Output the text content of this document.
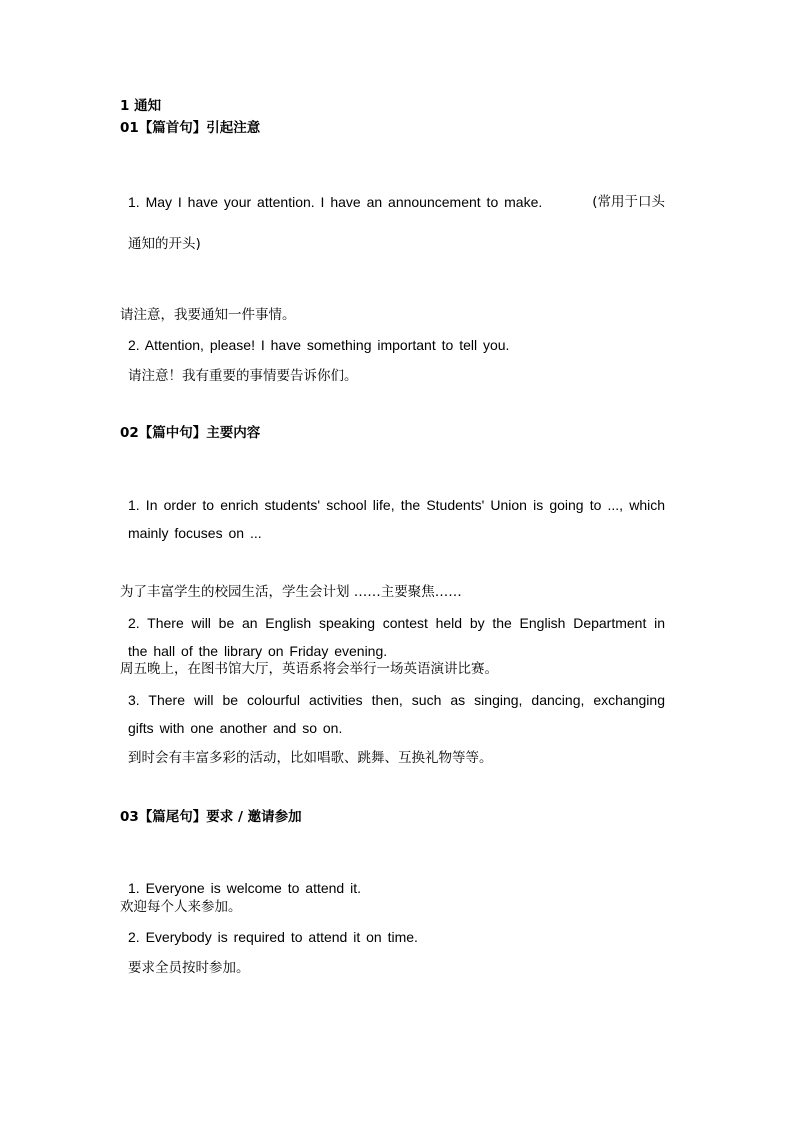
1 通知
01【篇首句】引起注意
1. May I have your attention. I have an announcement to make.	(常用于口头
通知的开头)
请注意，我要通知一件事情。
2. Attention, please! I have something important to tell you.
请注意！我有重要的事情要告诉你们。
02【篇中句】主要内容
1. In order to enrich students' school life, the Students' Union is going to ..., which
mainly focuses on ...
为了丰富学生的校园生活，学生会计划 ……主要聚焦……
2. There will be an English speaking contest held by the English Department in
the hall of the library on Friday evening.
周五晚上，在图书馆大厅，英语系将会举行一场英语演讲比赛。
3. There will be colourful activities then, such as singing, dancing, exchanging
gifts with one another and so on.
到时会有丰富多彩的活动，比如唱歌、跳舞、互换礼物等等。
03【篇尾句】要求 / 邀请参加
1. Everyone is welcome to attend it.
欢迎每个人来参加。
2. Everybody is required to attend it on time.
要求全员按时参加。
